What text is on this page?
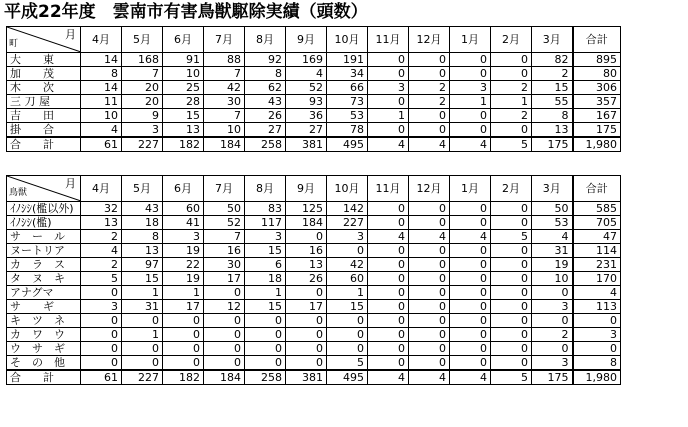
平成22年度　雲南市有害鳥獣駆除実績（頭数）
月
町	4月	5月	6月	7月	8月	9月	10月	11月	12月	1月	2月	3月	合計
大　　東	14	168	91	88	92	169	191	0	0	0	0	82	895
加　　茂	8	7	10	7	8	4	34	0	0	0	0	2	80
木　　次	14	20	25	42	62	52	66	3	2	3	2	15	306
三 刀 屋	11	20	28	30	43	93	73	0	2	1	1	55	357
吉　　田	10	9	15	7	26	36	53	1	0	0	2	8	167
掛　　合	4	3	13	10	27	27	78	0	0	0	0	13	175
合　　計	61	227	182	184	258	381	495	4	4	4	5	175	1,980
月
鳥獣	4月	5月	6月	7月	8月	9月	10月	11月	12月	1月	2月	3月	合計
ｲﾉｼｼ(檻以外)	32	43	60	50	83	125	142	0	0	0	0	50	585
ｲﾉｼｼ(檻)	13	18	41	52	117	184	227	0	0	0	0	53	705
サ　ー　ル	2	8	3	7	3	0	3	4	4	4	5	4	47
ヌートリア	4	13	19	16	15	16	0	0	0	0	0	31	114
カ　ラ　ス	2	97	22	30	6	13	42	0	0	0	0	19	231
タ　ヌ　キ	5	15	19	17	18	26	60	0	0	0	0	10	170
アナグマ	0	1	1	0	1	0	1	0	0	0	0	0	4
サ　　ギ	3	31	17	12	15	17	15	0	0	0	0	3	113
キ　ツ　ネ	0	0	0	0	0	0	0	0	0	0	0	0	0
カ　ワ　ウ	0	1	0	0	0	0	0	0	0	0	0	2	3
ウ　サ　ギ	0	0	0	0	0	0	0	0	0	0	0	0	0
そ　の　他	0	0	0	0	0	0	5	0	0	0	0	3	8
合　　計	61	227	182	184	258	381	495	4	4	4	5	175	1,980
